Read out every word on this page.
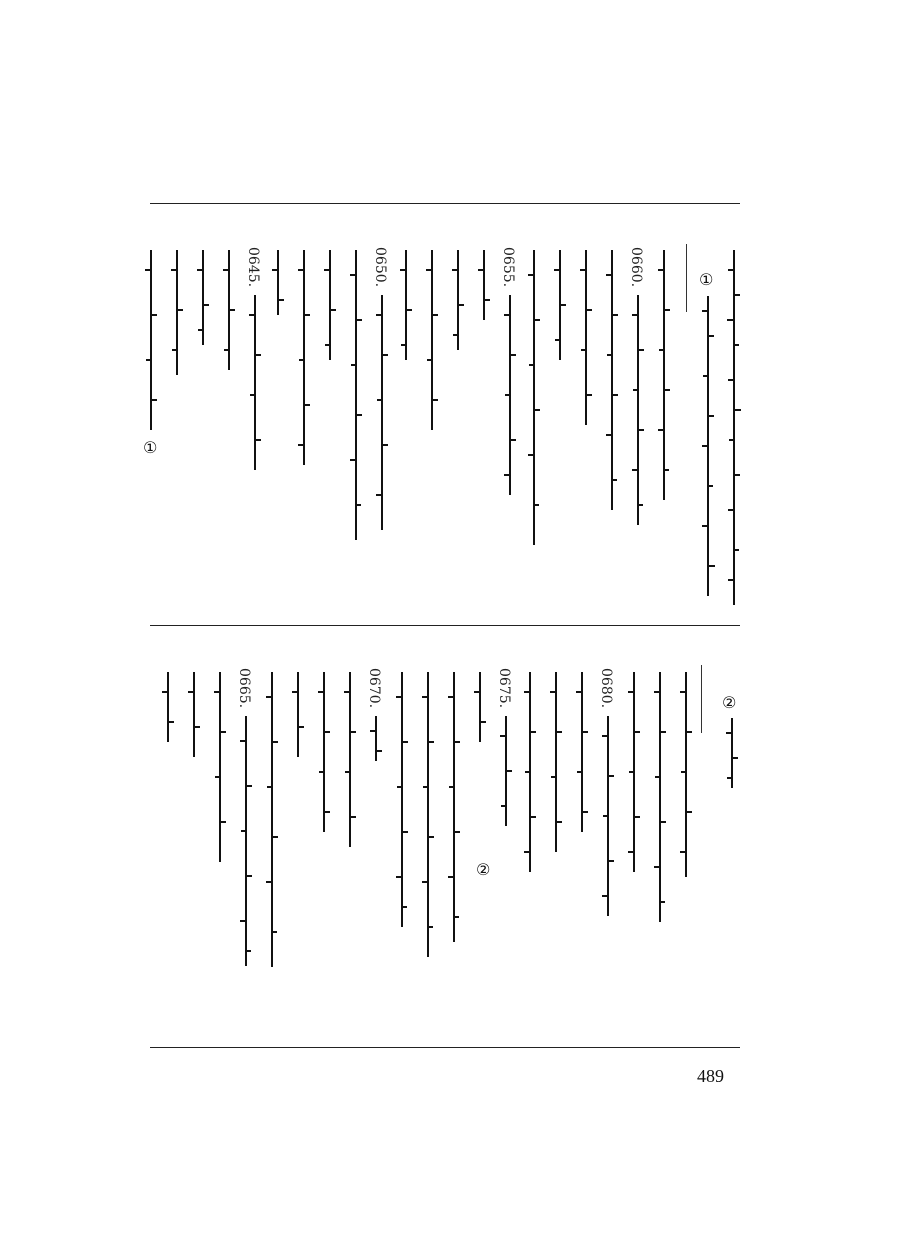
①
0660.
0655.
0650.
0645.
①
②
0680.
0675.
②
0670.
0665.
489
